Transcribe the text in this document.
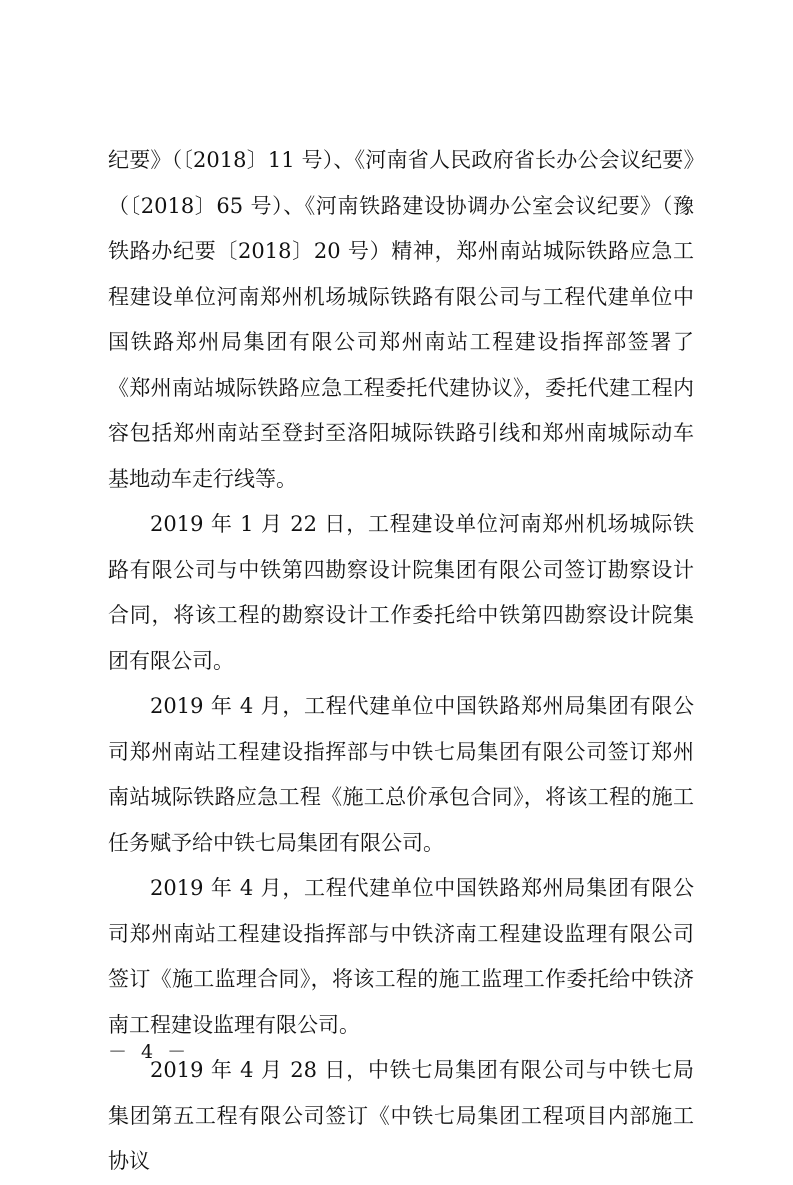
纪要》（〔2018〕11 号）、《河南省人民政府省长办公会议纪要》（〔2018〕65 号）、《河南铁路建设协调办公室会议纪要》（豫铁路办纪要〔2018〕20 号）精神，郑州南站城际铁路应急工程建设单位河南郑州机场城际铁路有限公司与工程代建单位中国铁路郑州局集团有限公司郑州南站工程建设指挥部签署了《郑州南站城际铁路应急工程委托代建协议》，委托代建工程内容包括郑州南站至登封至洛阳城际铁路引线和郑州南城际动车基地动车走行线等。

2019 年 1 月 22 日，工程建设单位河南郑州机场城际铁路有限公司与中铁第四勘察设计院集团有限公司签订勘察设计合同，将该工程的勘察设计工作委托给中铁第四勘察设计院集团有限公司。

2019 年 4 月，工程代建单位中国铁路郑州局集团有限公司郑州南站工程建设指挥部与中铁七局集团有限公司签订郑州南站城际铁路应急工程《施工总价承包合同》，将该工程的施工任务赋予给中铁七局集团有限公司。

2019 年 4 月，工程代建单位中国铁路郑州局集团有限公司郑州南站工程建设指挥部与中铁济南工程建设监理有限公司签订《施工监理合同》，将该工程的施工监理工作委托给中铁济南工程建设监理有限公司。

2019 年 4 月 28 日，中铁七局集团有限公司与中铁七局集团第五工程有限公司签订《中铁七局集团工程项目内部施工协议

－ 4 －
